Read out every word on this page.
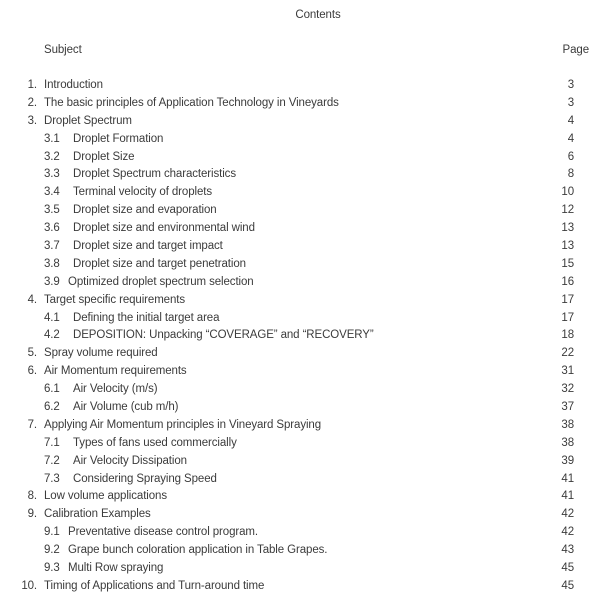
Contents
Subject	Page
1. Introduction	3
2. The basic principles of Application Technology in Vineyards	3
3. Droplet Spectrum	4
3.1	Droplet Formation	4
3.2	Droplet Size	6
3.3	Droplet Spectrum characteristics	8
3.4	Terminal velocity of droplets	10
3.5	Droplet size and evaporation	12
3.6	Droplet size and environmental wind	13
3.7	Droplet size and target impact	13
3.8	Droplet size and target penetration	15
3.9 Optimized droplet spectrum selection	16
4. Target specific requirements	17
4.1	Defining the initial target area	17
4.2	DEPOSITION: Unpacking “COVERAGE” and “RECOVERY”	18
5. Spray volume required	22
6. Air Momentum requirements	31
6.1	Air Velocity (m/s)	32
6.2	Air Volume (cub m/h)	37
7. Applying Air Momentum principles in Vineyard Spraying	38
7.1	Types of fans used commercially	38
7.2	Air Velocity Dissipation	39
7.3	Considering Spraying Speed	41
8. Low volume applications	41
9. Calibration Examples	42
9.1 Preventative disease control program.	42
9.2 Grape bunch coloration application in Table Grapes.	43
9.3 Multi Row spraying	45
10. Timing of Applications and Turn-around time	45
